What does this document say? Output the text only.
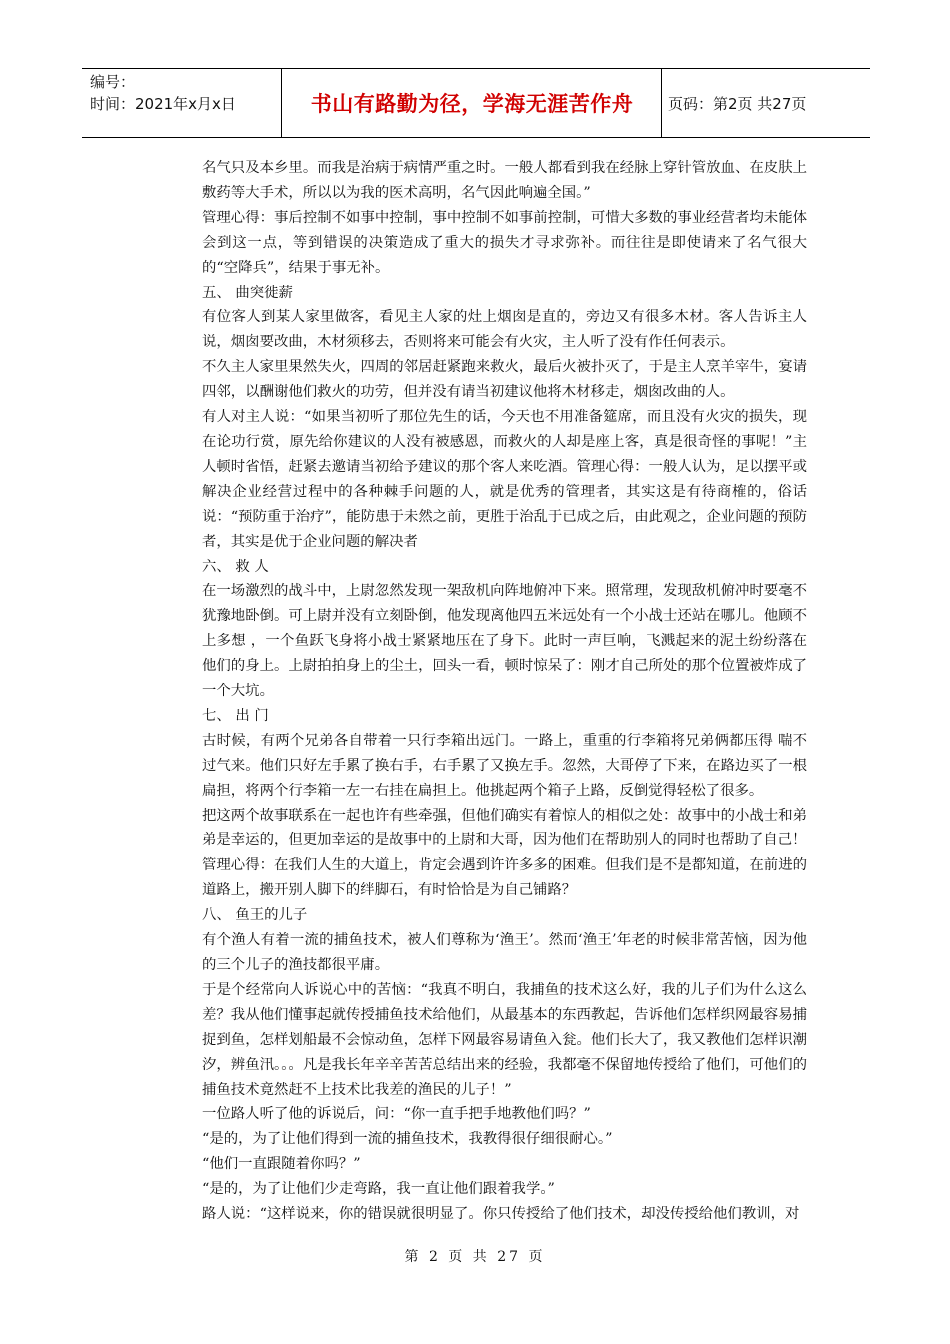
编号：
时间：2021年x月x日	书山有路勤为径，学海无涯苦作舟	页码：第2页 共27页

名气只及本乡里。而我是治病于病情严重之时。一般人都看到我在经脉上穿针管放血、在皮肤上敷药等大手术，所以以为我的医术高明，名气因此响遍全国。”

管理心得：事后控制不如事中控制，事中控制不如事前控制，可惜大多数的事业经营者均未能体会到这一点，等到错误的决策造成了重大的损失才寻求弥补。而往往是即使请来了名气很大的“空降兵”，结果于事无补。

五、 曲突徙薪

有位客人到某人家里做客，看见主人家的灶上烟囱是直的，旁边又有很多木材。客人告诉主人说，烟囱要改曲，木材须移去，否则将来可能会有火灾，主人听了没有作任何表示。

不久主人家里果然失火，四周的邻居赶紧跑来救火，最后火被扑灭了，于是主人烹羊宰牛，宴请四邻，以酬谢他们救火的功劳，但并没有请当初建议他将木材移走，烟囱改曲的人。

有人对主人说：“如果当初听了那位先生的话，今天也不用准备筵席，而且没有火灾的损失，现在论功行赏，原先给你建议的人没有被感恩，而救火的人却是座上客，真是很奇怪的事呢！”主人顿时省悟，赶紧去邀请当初给予建议的那个客人来吃酒。管理心得：一般人认为，足以摆平或解决企业经营过程中的各种棘手问题的人，就是优秀的管理者，其实这是有待商榷的，俗话说：“预防重于治疗”，能防患于未然之前，更胜于治乱于已成之后，由此观之，企业问题的预防者，其实是优于企业问题的解决者

六、 救 人

在一场激烈的战斗中，上尉忽然发现一架敌机向阵地俯冲下来。照常理，发现敌机俯冲时要毫不犹豫地卧倒。可上尉并没有立刻卧倒，他发现离他四五米远处有一个小战士还站在哪儿。他顾不上多想 ，一个鱼跃飞身将小战士紧紧地压在了身下。此时一声巨响，飞溅起来的泥土纷纷落在他们的身上。上尉拍拍身上的尘土，回头一看，顿时惊呆了：刚才自己所处的那个位置被炸成了一个大坑。

七、 出 门

古时候，有两个兄弟各自带着一只行李箱出远门。一路上，重重的行李箱将兄弟俩都压得 喘不过气来。他们只好左手累了换右手，右手累了又换左手。忽然，大哥停了下来，在路边买了一根扁担，将两个行李箱一左一右挂在扁担上。他挑起两个箱子上路，反倒觉得轻松了很多。

把这两个故事联系在一起也许有些牵强，但他们确实有着惊人的相似之处：故事中的小战士和弟弟是幸运的，但更加幸运的是故事中的上尉和大哥，因为他们在帮助别人的同时也帮助了自己！

管理心得：在我们人生的大道上，肯定会遇到许许多多的困难。但我们是不是都知道，在前进的道路上，搬开别人脚下的绊脚石，有时恰恰是为自己铺路？

八、 鱼王的儿子

有个渔人有着一流的捕鱼技术，被人们尊称为‘渔王’。然而‘渔王’年老的时候非常苦恼，因为他的三个儿子的渔技都很平庸。

于是个经常向人诉说心中的苦恼：“我真不明白，我捕鱼的技术这么好，我的儿子们为什么这么差？我从他们懂事起就传授捕鱼技术给他们，从最基本的东西教起，告诉他们怎样织网最容易捕捉到鱼，怎样划船最不会惊动鱼，怎样下网最容易请鱼入瓮。他们长大了，我又教他们怎样识潮汐，辨鱼汛。。。凡是我长年辛辛苦苦总结出来的经验，我都毫不保留地传授给了他们，可他们的捕鱼技术竟然赶不上技术比我差的渔民的儿子！”

一位路人听了他的诉说后，问：“你一直手把手地教他们吗？”

“是的，为了让他们得到一流的捕鱼技术，我教得很仔细很耐心。”

“他们一直跟随着你吗？”

“是的，为了让他们少走弯路，我一直让他们跟着我学。”

路人说：“这样说来，你的错误就很明显了。你只传授给了他们技术，却没传授给他们教训，对

第 2 页 共 27 页
